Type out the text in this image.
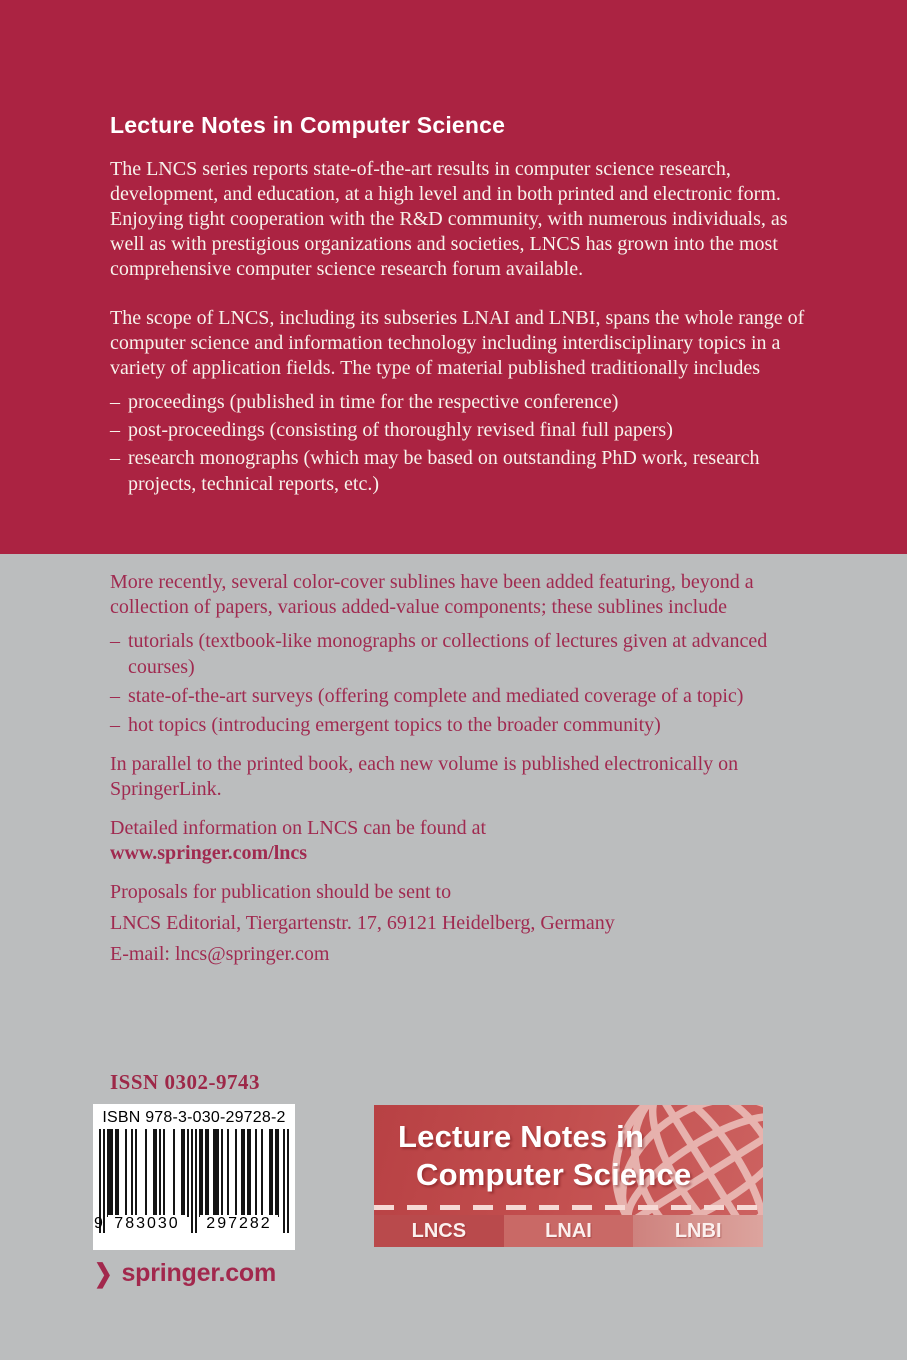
Lecture Notes in Computer Science

The LNCS series reports state-of-the-art results in computer science research, development, and education, at a high level and in both printed and electronic form. Enjoying tight cooperation with the R&D community, with numerous individuals, as well as with prestigious organizations and societies, LNCS has grown into the most comprehensive computer science research forum available.

The scope of LNCS, including its subseries LNAI and LNBI, spans the whole range of computer science and information technology including interdisciplinary topics in a variety of application fields. The type of material published traditionally includes

– proceedings (published in time for the respective conference)
– post-proceedings (consisting of thoroughly revised final full papers)
– research monographs (which may be based on outstanding PhD work, research projects, technical reports, etc.)

More recently, several color-cover sublines have been added featuring, beyond a collection of papers, various added-value components; these sublines include

– tutorials (textbook-like monographs or collections of lectures given at advanced courses)
– state-of-the-art surveys (offering complete and mediated coverage of a topic)
– hot topics (introducing emergent topics to the broader community)

In parallel to the printed book, each new volume is published electronically on SpringerLink.

Detailed information on LNCS can be found at
www.springer.com/lncs

Proposals for publication should be sent to

LNCS Editorial, Tiergartenstr. 17, 69121 Heidelberg, Germany

E-mail: lncs@springer.com

ISSN 0302-9743
ISBN 978-3-030-29728-2
9 783030	297282
Lecture Notes in
Computer Science
LNCS	LNAI	LNBI
❯ springer.com
